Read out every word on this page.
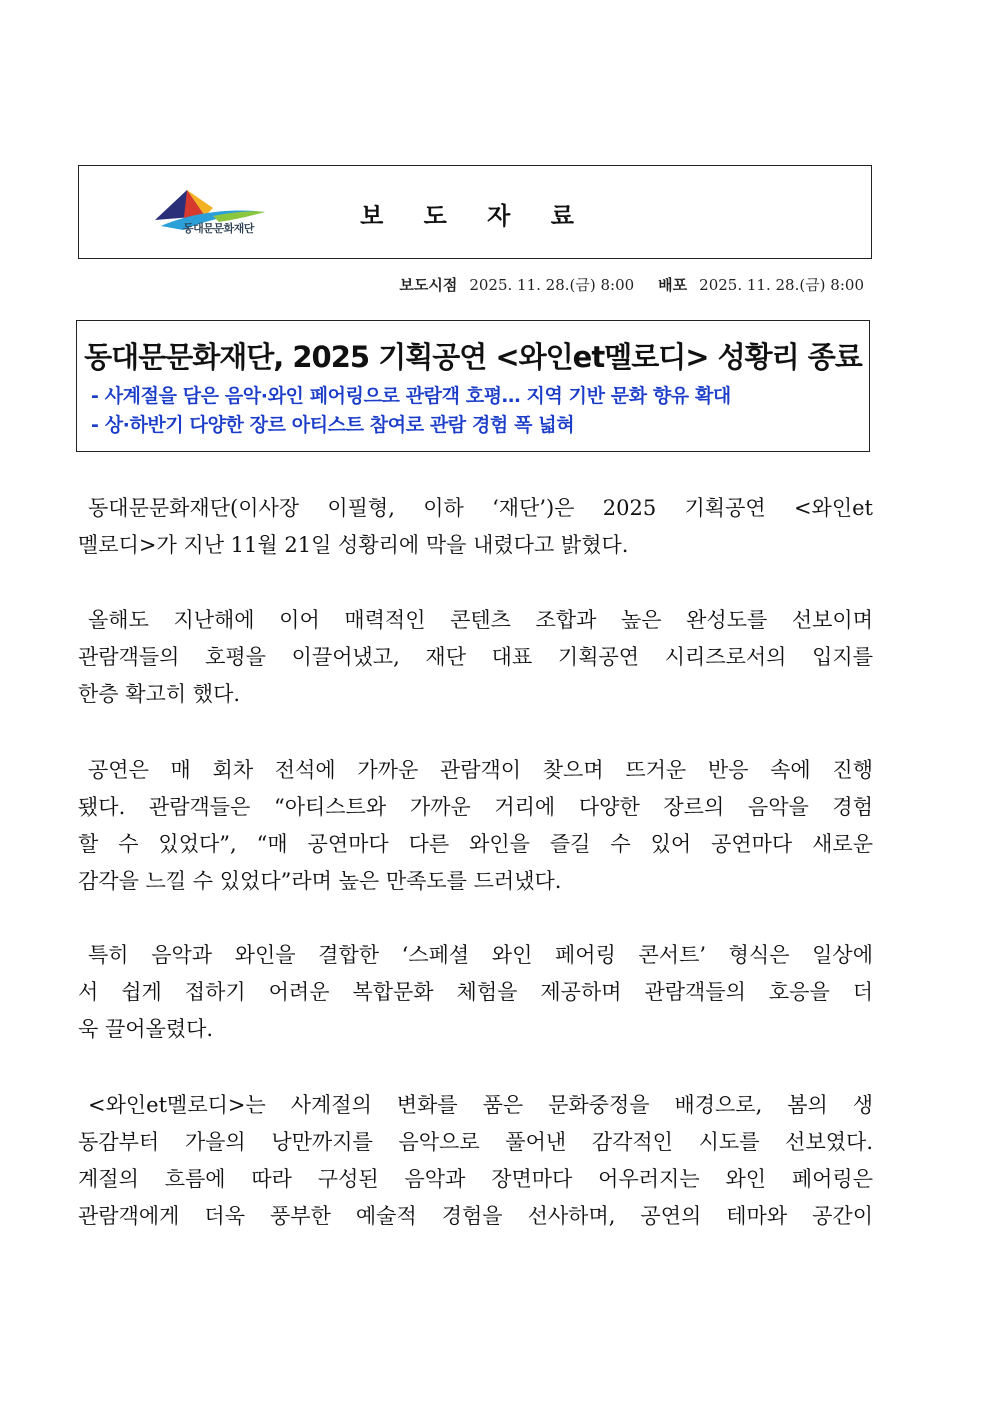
동대문문화재단	보 도 자 료
보도시점 2025. 11. 28.(금) 8:00 배포 2025. 11. 28.(금) 8:00
동대문문화재단, 2025 기획공연 <와인et멜로디> 성황리 종료
- 사계절을 담은 음악·와인 페어링으로 관람객 호평… 지역 기반 문화 향유 확대
- 상·하반기 다양한 장르 아티스트 참여로 관람 경험 폭 넓혀
동대문문화재단(이사장 이필형, 이하 ‘재단’)은 2025 기획공연 <와인et
멜로디>가 지난 11월 21일 성황리에 막을 내렸다고 밝혔다.
올해도 지난해에 이어 매력적인 콘텐츠 조합과 높은 완성도를 선보이며
관람객들의 호평을 이끌어냈고, 재단 대표 기획공연 시리즈로서의 입지를
한층 확고히 했다.
공연은 매 회차 전석에 가까운 관람객이 찾으며 뜨거운 반응 속에 진행
됐다. 관람객들은 “아티스트와 가까운 거리에 다양한 장르의 음악을 경험
할 수 있었다”, “매 공연마다 다른 와인을 즐길 수 있어 공연마다 새로운
감각을 느낄 수 있었다”라며 높은 만족도를 드러냈다.
특히 음악과 와인을 결합한 ‘스페셜 와인 페어링 콘서트’ 형식은 일상에
서 쉽게 접하기 어려운 복합문화 체험을 제공하며 관람객들의 호응을 더
욱 끌어올렸다.
<와인et멜로디>는 사계절의 변화를 품은 문화중정을 배경으로, 봄의 생
동감부터 가을의 낭만까지를 음악으로 풀어낸 감각적인 시도를 선보였다.
계절의 흐름에 따라 구성된 음악과 장면마다 어우러지는 와인 페어링은
관람객에게 더욱 풍부한 예술적 경험을 선사하며, 공연의 테마와 공간이
